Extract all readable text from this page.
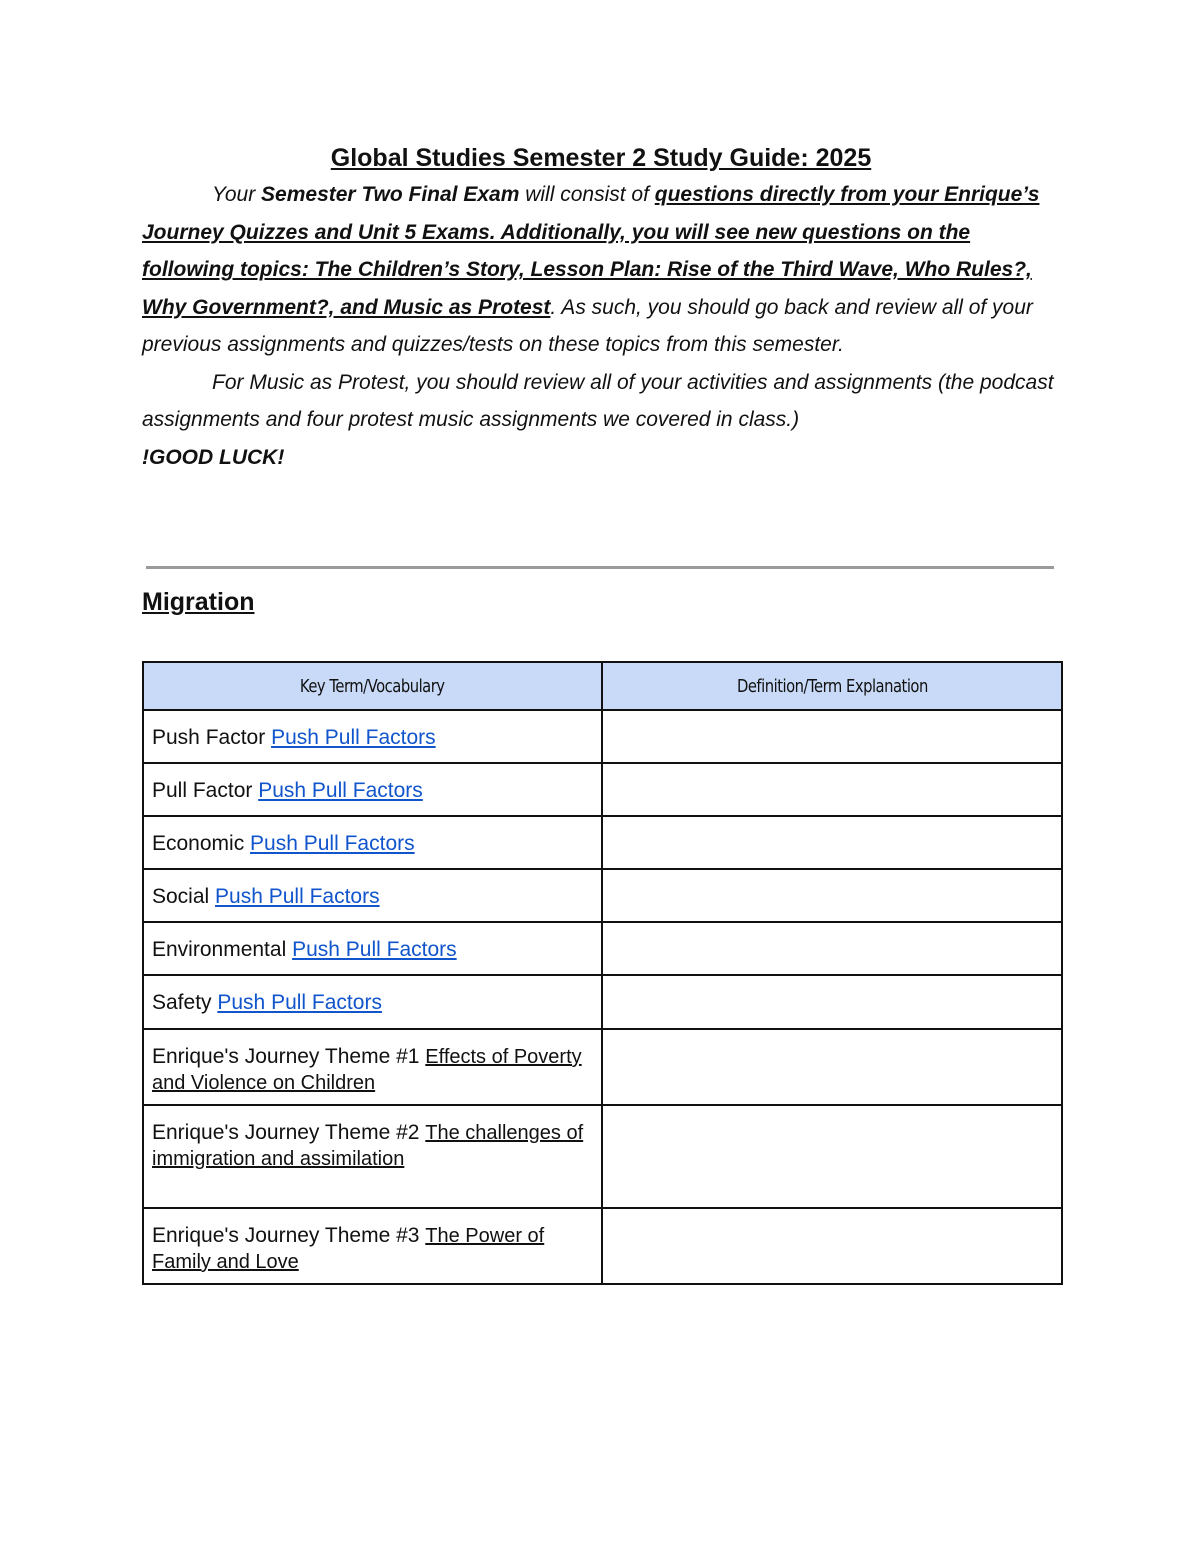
Global Studies Semester 2 Study Guide: 2025

Your Semester Two Final Exam will consist of questions directly from your Enrique’s Journey Quizzes and Unit 5 Exams. Additionally, you will see new questions on the following topics: The Children’s Story, Lesson Plan: Rise of the Third Wave, Who Rules?, Why Government?, and Music as Protest. As such, you should go back and review all of your previous assignments and quizzes/tests on these topics from this semester.

For Music as Protest, you should review all of your activities and assignments (the podcast assignments and four protest music assignments we covered in class.)

!GOOD LUCK!

Migration
Key Term/Vocabulary	Definition/Term Explanation
Push Factor Push Pull Factors	
Pull Factor Push Pull Factors	
Economic Push Pull Factors	
Social Push Pull Factors	
Environmental Push Pull Factors	
Safety Push Pull Factors	
Enrique's Journey Theme #1 Effects of Poverty and Violence on Children	
Enrique's Journey Theme #2 The challenges of immigration and assimilation	
Enrique's Journey Theme #3 The Power of Family and Love	
